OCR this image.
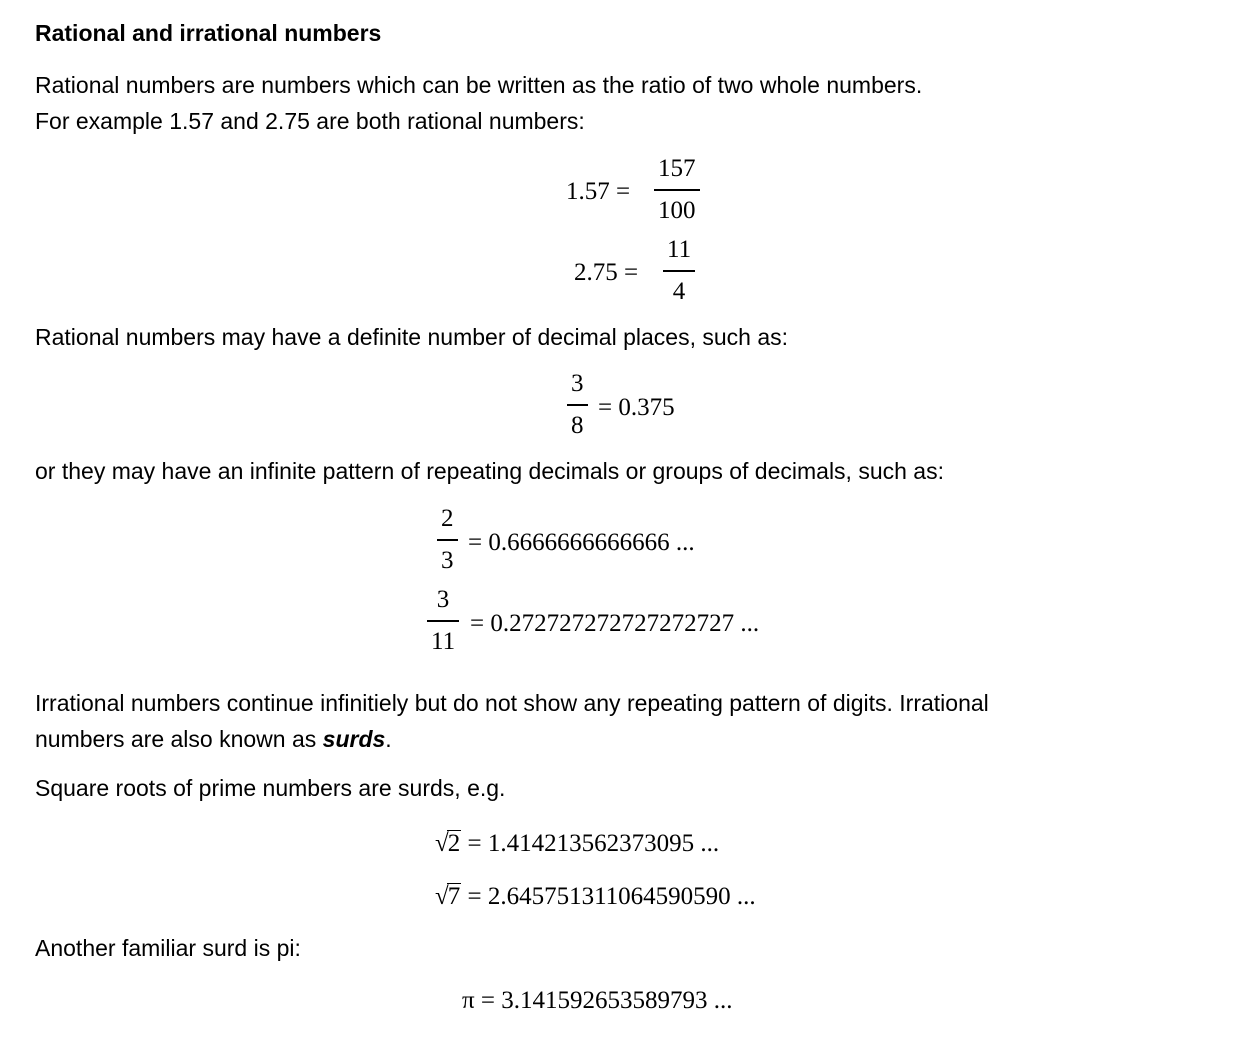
Rational and irrational numbers
Rational numbers are numbers which can be written as the ratio of two whole numbers.
For example 1.57 and 2.75 are both rational numbers:
1.57 =
157
100
2.75 =
11
4
Rational numbers may have a definite number of decimal places, such as:
3
8
= 0.375
or they may have an infinite pattern of repeating decimals or groups of decimals, such as:
2
3
= 0.6666666666666 ...
3
11
= 0.272727272727272727 ...
Irrational numbers continue infinitiely but do not show any repeating pattern of digits. Irrational
numbers are also known as surds.
Square roots of prime numbers are surds, e.g.
√2 = 1.414213562373095 ...
√7 = 2.645751311064590590 ...
Another familiar surd is pi:
π = 3.141592653589793 ...
